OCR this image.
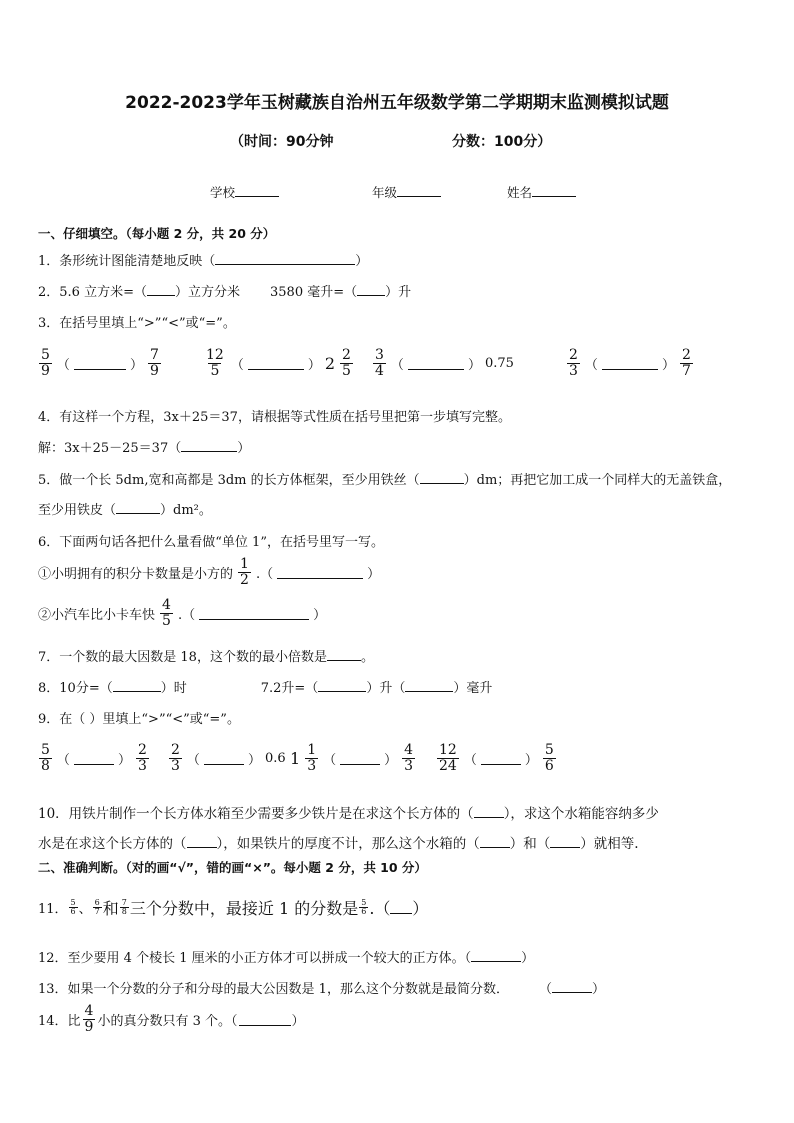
2022-2023学年玉树藏族自治州五年级数学第二学期期末监测模拟试题
（时间：90分钟	分数：100分）
学校	年级	姓名
一、仔细填空。（每小题 2 分，共 20 分）
1．条形统计图能清楚地反映（	）
2．5.6 立方米=（ ）立方分米 3580 毫升=（ ）升
3．在括号里填上“>”“<”或“=”。
$\frac{5}{9}$ （	） $\frac{7}{9}$	$\frac{12}{5}$ （	） $2 \frac{2}{5} \frac{3}{4}$ （	） 0.75	$\frac{2}{3}$ （	） $\frac{2}{7}$
4．有这样一个方程，3x＋25＝37，请根据等式性质在括号里把第一步填写完整。
解：3x＋25－25＝37（	）
5．做一个长 5dm,宽和高都是 3dm 的长方体框架，至少用铁丝（	）dm；再把它加工成一个同样大的无盖铁盒，
至少用铁皮（	）dm²。
6．下面两句话各把什么量看做“单位 1”，在括号里写一写。
①小明拥有的积分卡数量是小方的 $\frac{1}{2}$ .（	）
②小汽车比小卡车快 $\frac{4}{5}$ .（	）
7．一个数的最大因数是 18，这个数的最小倍数是	。
8．10分=（	）时	7.2升=（	）升（	）毫升
9．在（ ）里填上“>”“<”或“=”。
$\frac{5}{8}$ （	） $\frac{2}{3} \frac{2}{3}$ （	） 0.6 $1 \frac{1}{3}$ （	） $\frac{4}{3} \frac{12}{24}$ （	） $\frac{5}{6}$
10．用铁片制作一个长方体水箱至少需要多少铁片是在求这个长方体的（ ），求这个水箱能容纳多少
水是在求这个长方体的（ ），如果铁片的厚度不计，那么这个水箱的（ ）和（ ）就相等.
二、准确判断。（对的画“√”，错的画“×”。每小题 2 分，共 10 分）
11． $\frac{5}{6}$ 、 $\frac{6}{7}$ 和 $\frac{7}{8}$ 三个分数中，最接近 1 的分数是 $\frac{5}{6}$ .（ ）
12．至少要用 4 个棱长 1 厘米的小正方体才可以拼成一个较大的正方体。（	）
13．如果一个分数的分子和分母的最大公因数是 1，那么这个分数就是最简分数． （	）
14．比 $\frac{4}{9}$ 小的真分数只有 3 个。（	）
